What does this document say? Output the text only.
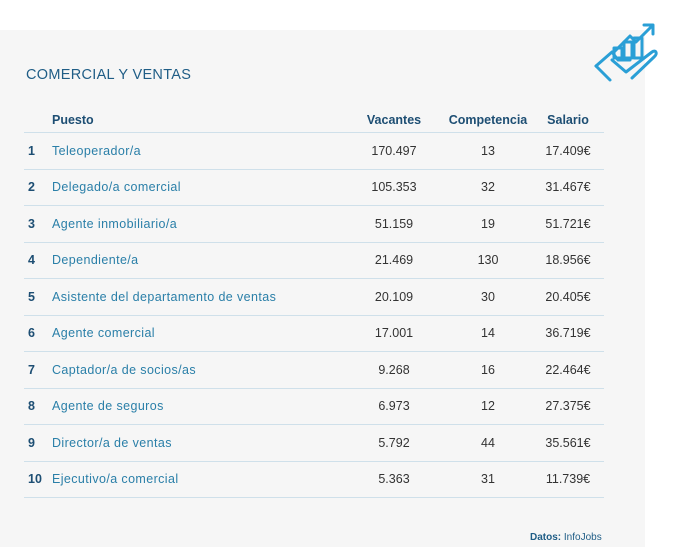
COMERCIAL Y VENTAS
	Puesto	Vacantes	Competencia	Salario
1	Teleoperador/a	170.497	13	17.409€
2	Delegado/a comercial	105.353	32	31.467€
3	Agente inmobiliario/a	51.159	19	51.721€
4	Dependiente/a	21.469	130	18.956€
5	Asistente del departamento de ventas	20.109	30	20.405€
6	Agente comercial	17.001	14	36.719€
7	Captador/a de socios/as	9.268	16	22.464€
8	Agente de seguros	6.973	12	27.375€
9	Director/a de ventas	5.792	44	35.561€
10	Ejecutivo/a comercial	5.363	31	11.739€
Datos: InfoJobs
